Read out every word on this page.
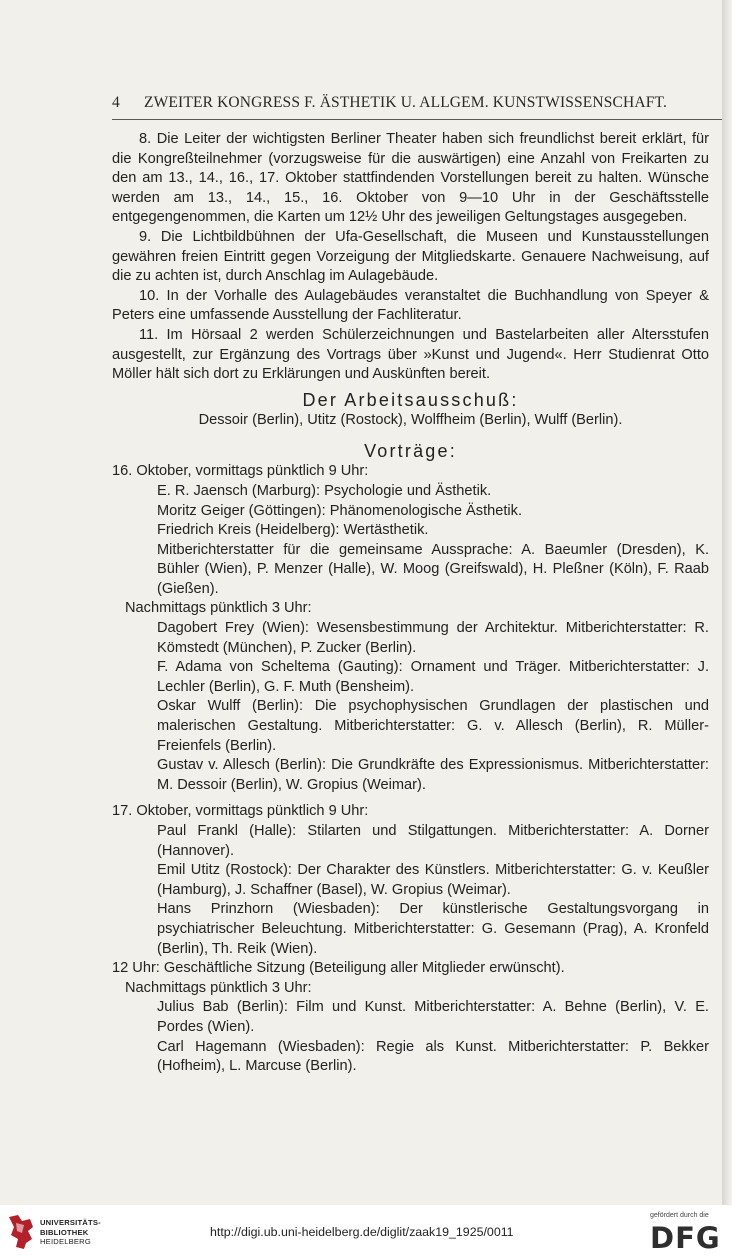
4 ZWEITER KONGRESS F. ÄSTHETIK U. ALLGEM. KUNSTWISSENSCHAFT.

8. Die Leiter der wichtigsten Berliner Theater haben sich freundlichst bereit erklärt, für die Kongreßteilnehmer (vorzugsweise für die auswärtigen) eine Anzahl von Freikarten zu den am 13., 14., 16., 17. Oktober stattfindenden Vorstellungen bereit zu halten. Wünsche werden am 13., 14., 15., 16. Oktober von 9—10 Uhr in der Geschäftsstelle entgegengenommen, die Karten um 12½ Uhr des jeweiligen Geltungstages ausgegeben.

9. Die Lichtbildbühnen der Ufa-Gesellschaft, die Museen und Kunstausstellungen gewähren freien Eintritt gegen Vorzeigung der Mitgliedskarte. Genauere Nachweisung, auf die zu achten ist, durch Anschlag im Aulagebäude.

10. In der Vorhalle des Aulagebäudes veranstaltet die Buchhandlung von Speyer & Peters eine umfassende Ausstellung der Fachliteratur.

11. Im Hörsaal 2 werden Schülerzeichnungen und Bastelarbeiten aller Altersstufen ausgestellt, zur Ergänzung des Vortrags über »Kunst und Jugend«. Herr Studienrat Otto Möller hält sich dort zu Erklärungen und Auskünften bereit.

Der Arbeitsausschuß:

Dessoir (Berlin), Utitz (Rostock), Wolffheim (Berlin), Wulff (Berlin).

Vorträge:

16. Oktober, vormittags pünktlich 9 Uhr:

E. R. Jaensch (Marburg): Psychologie und Ästhetik.

Moritz Geiger (Göttingen): Phänomenologische Ästhetik.

Friedrich Kreis (Heidelberg): Wertästhetik.

Mitberichterstatter für die gemeinsame Aussprache: A. Baeumler (Dresden), K. Bühler (Wien), P. Menzer (Halle), W. Moog (Greifswald), H. Pleßner (Köln), F. Raab (Gießen).

Nachmittags pünktlich 3 Uhr:

Dagobert Frey (Wien): Wesensbestimmung der Architektur. Mitberichterstatter: R. Kömstedt (München), P. Zucker (Berlin).

F. Adama von Scheltema (Gauting): Ornament und Träger. Mitberichterstatter: J. Lechler (Berlin), G. F. Muth (Bensheim).

Oskar Wulff (Berlin): Die psychophysischen Grundlagen der plastischen und malerischen Gestaltung. Mitberichterstatter: G. v. Allesch (Berlin), R. Müller-Freienfels (Berlin).

Gustav v. Allesch (Berlin): Die Grundkräfte des Expressionismus. Mitberichterstatter: M. Dessoir (Berlin), W. Gropius (Weimar).

17. Oktober, vormittags pünktlich 9 Uhr:

Paul Frankl (Halle): Stilarten und Stilgattungen. Mitberichterstatter: A. Dorner (Hannover).

Emil Utitz (Rostock): Der Charakter des Künstlers. Mitberichterstatter: G. v. Keußler (Hamburg), J. Schaffner (Basel), W. Gropius (Weimar).

Hans Prinzhorn (Wiesbaden): Der künstlerische Gestaltungsvorgang in psychiatrischer Beleuchtung. Mitberichterstatter: G. Gesemann (Prag), A. Kronfeld (Berlin), Th. Reik (Wien).

12 Uhr: Geschäftliche Sitzung (Beteiligung aller Mitglieder erwünscht).

Nachmittags pünktlich 3 Uhr:

Julius Bab (Berlin): Film und Kunst. Mitberichterstatter: A. Behne (Berlin), V. E. Pordes (Wien).

Carl Hagemann (Wiesbaden): Regie als Kunst. Mitberichterstatter: P. Bekker (Hofheim), L. Marcuse (Berlin).

UNIVERSITÄTS-
BIBLIOTHEK
HEIDELBERG
http://digi.ub.uni-heidelberg.de/diglit/zaak19_1925/0011
gefördert durch die
DFG
